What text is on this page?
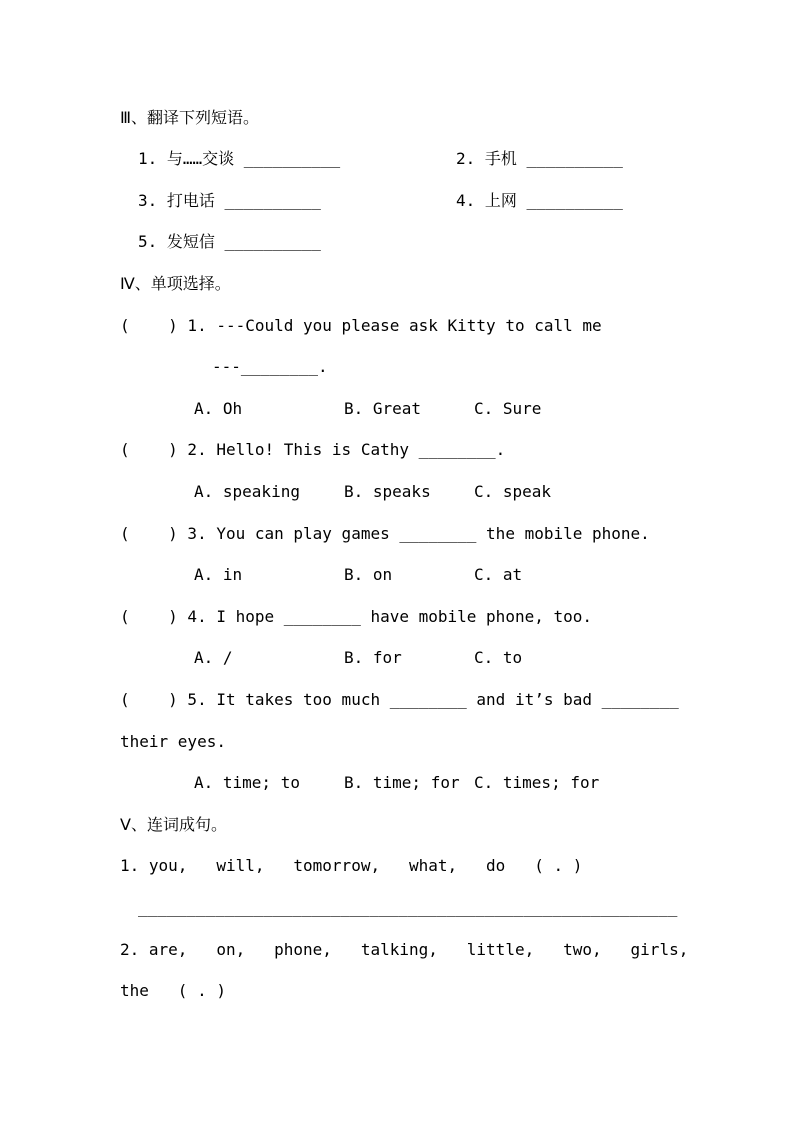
Ⅲ、翻译下列短语。
1. 与……交谈 __________	2. 手机 __________
3. 打电话 __________	4. 上网 __________
5. 发短信 __________
Ⅳ、单项选择。
(    ) 1. ---Could you please ask Kitty to call me
---________.
A. Oh	B. Great	C. Sure
(    ) 2. Hello! This is Cathy ________.
A. speaking	B. speaks	C. speak
(    ) 3. You can play games ________ the mobile phone.
A. in	B. on	C. at
(    ) 4. I hope ________ have mobile phone, too.
A. /	B. for	C. to
(    ) 5. It takes too much ________ and it’s bad ________
their eyes.
A. time; to	B. time; for C. times; for
Ⅴ、连词成句。
1. you,   will,   tomorrow,   what,   do   ( . )
________________________________________________________
2. are,   on,   phone,   talking,   little,   two,   girls,
the   ( . )
